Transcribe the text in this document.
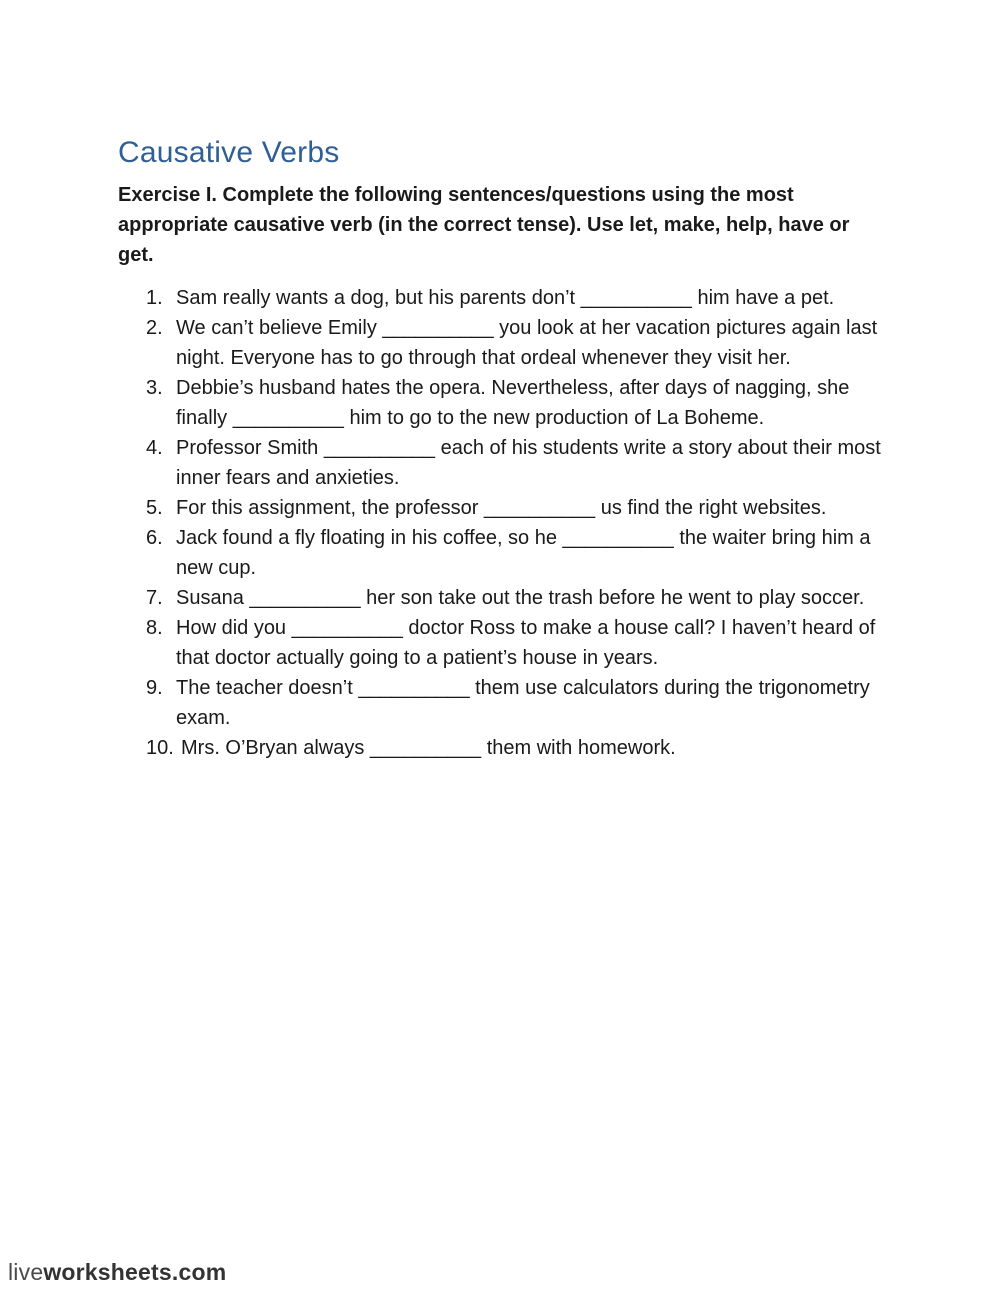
Causative Verbs

Exercise I. Complete the following sentences/questions using the most appropriate causative verb (in the correct tense). Use let, make, help, have or get.

1. Sam really wants a dog, but his parents don’t __________ him have a pet.
2. We can’t believe Emily __________ you look at her vacation pictures again last night. Everyone has to go through that ordeal whenever they visit her.
3. Debbie’s husband hates the opera. Nevertheless, after days of nagging, she finally __________ him to go to the new production of La Boheme.
4. Professor Smith __________ each of his students write a story about their most inner fears and anxieties.
5. For this assignment, the professor __________ us find the right websites.
6. Jack found a fly floating in his coffee, so he __________ the waiter bring him a new cup.
7. Susana __________ her son take out the trash before he went to play soccer.
8. How did you __________ doctor Ross to make a house call? I haven’t heard of that doctor actually going to a patient’s house in years.
9. The teacher doesn’t __________ them use calculators during the trigonometry exam.
10. Mrs. O’Bryan always __________ them with homework.
liveworksheets.com
